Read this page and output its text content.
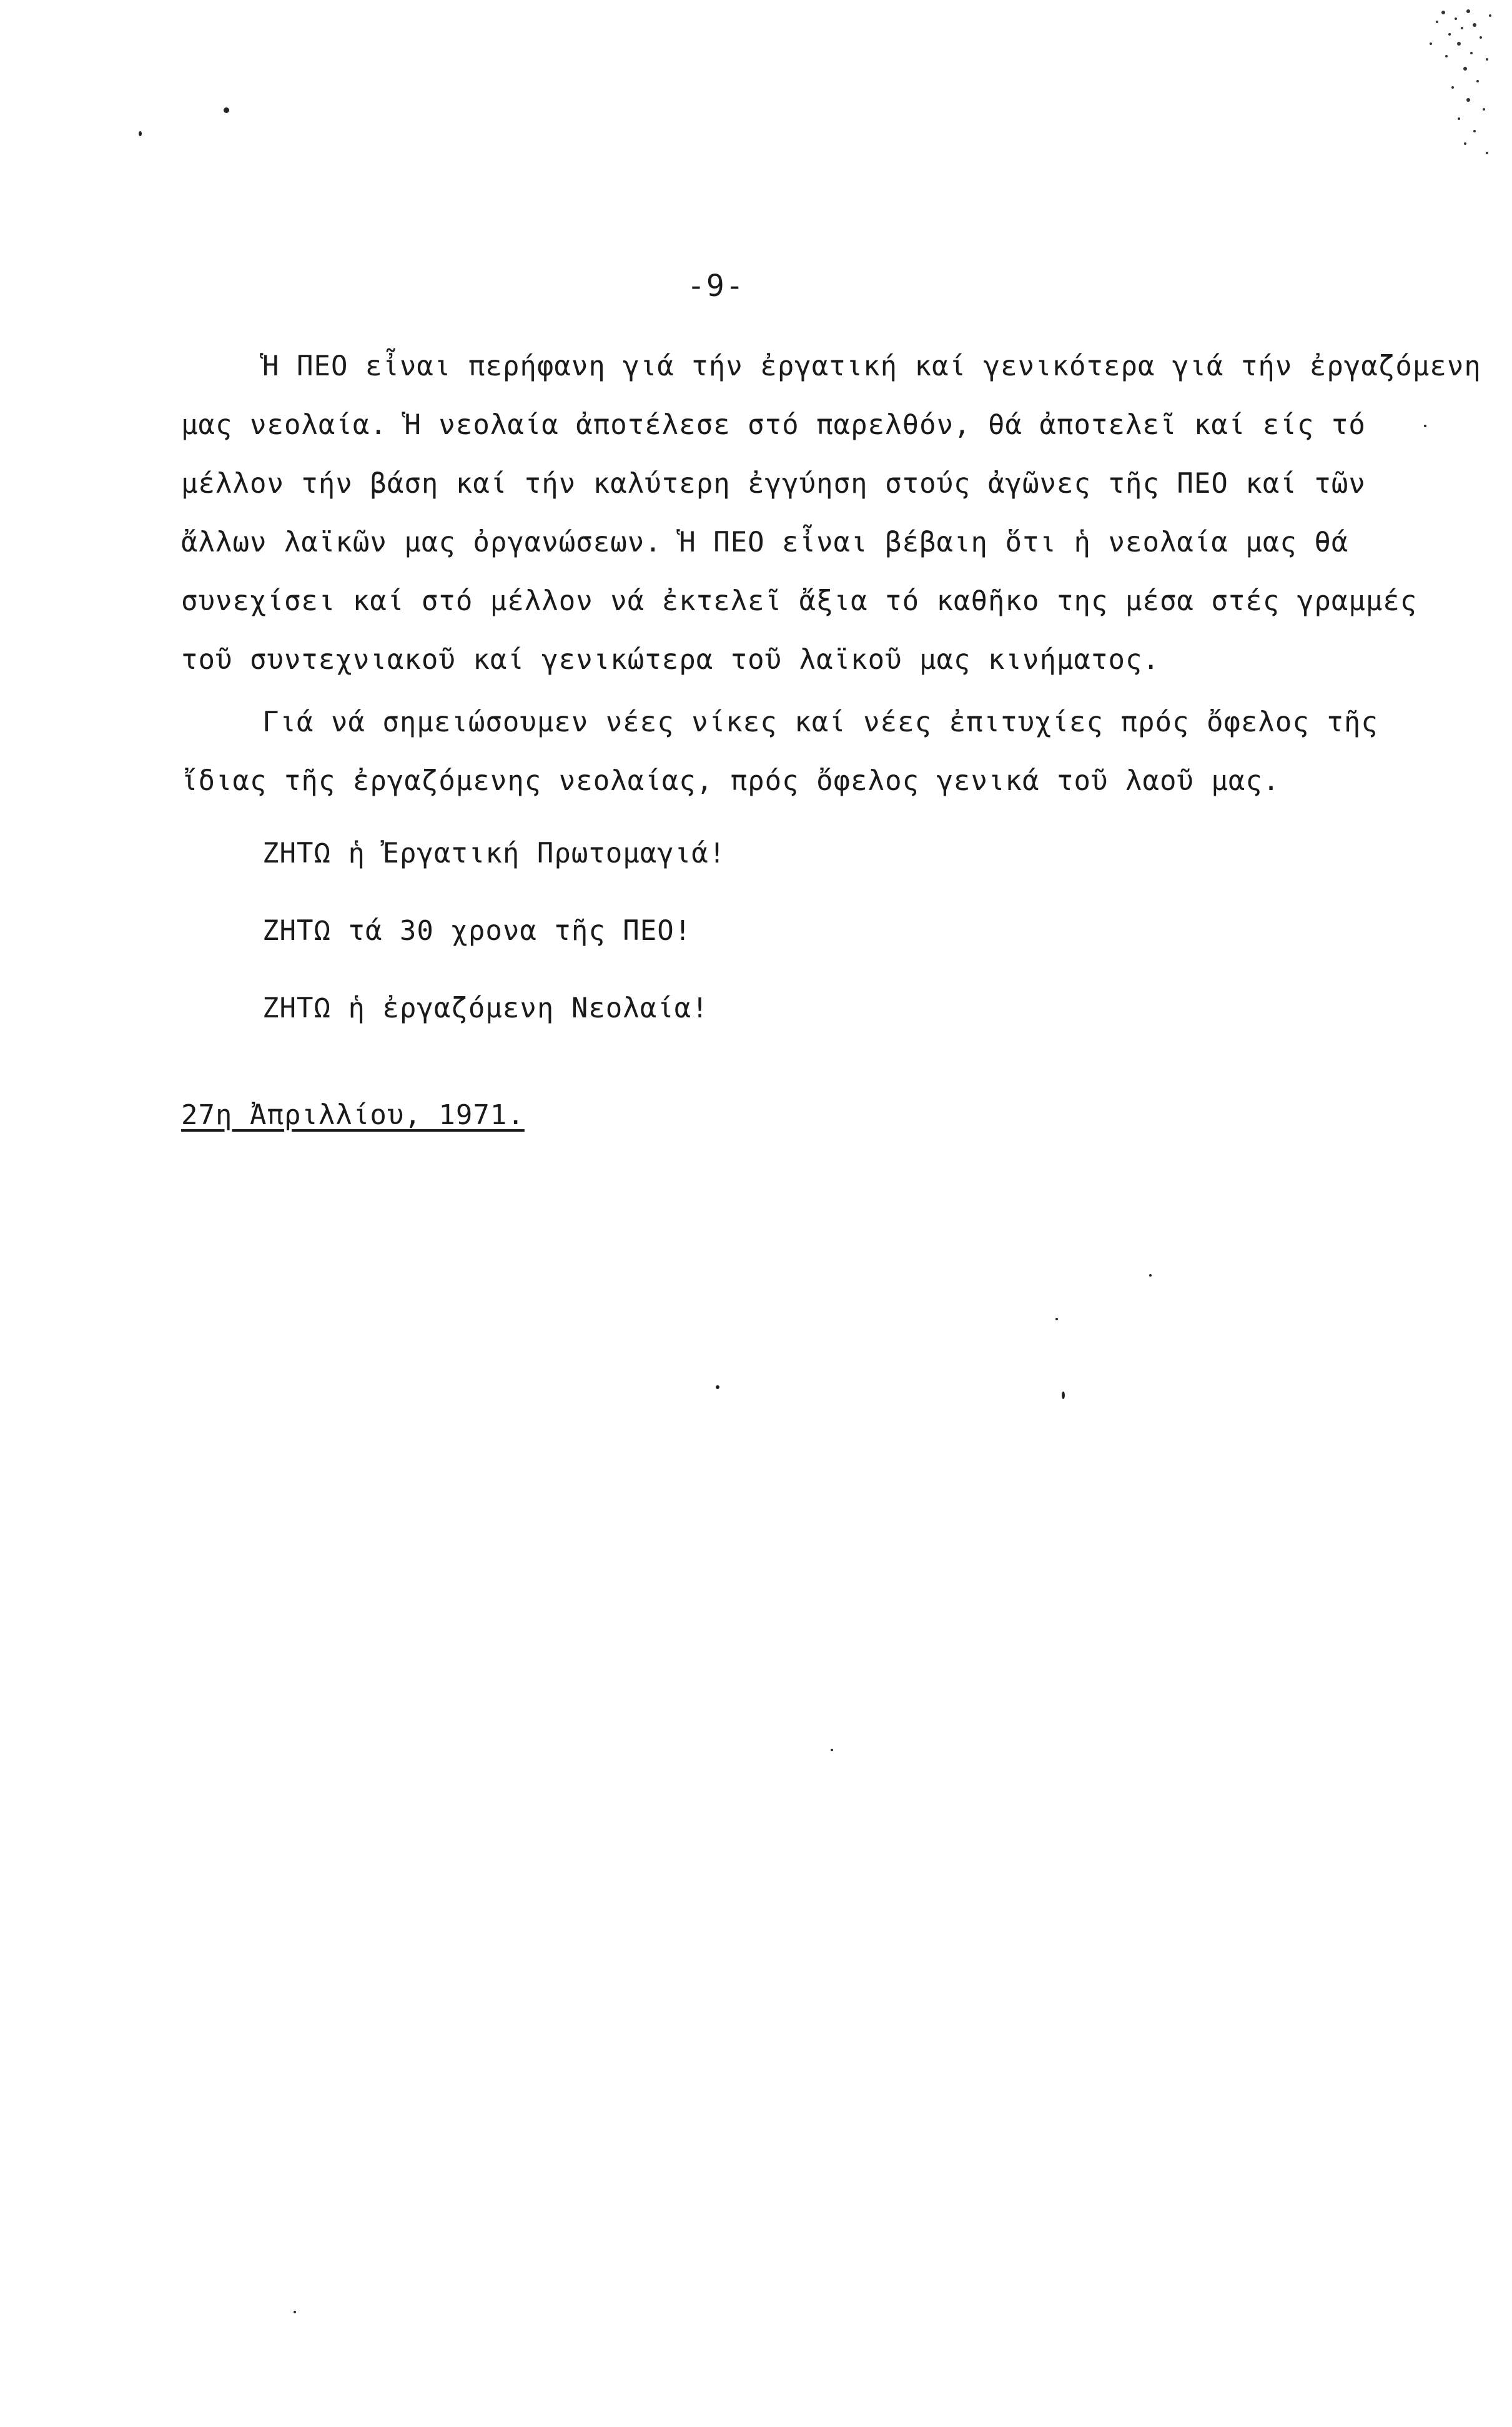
-9-
Ἡ ΠΕΟ εἶναι περήφανη γιά τήν ἐργατική καί γενικότερα γιά τήν ἐργαζόμενη
μας νεολαία. Ἡ νεολαία ἀποτέλεσε στό παρελθόν, θά ἀποτελεῖ καί είς τό
μέλλον τήν βάση καί τήν καλύτερη ἐγγύηση στούς ἀγῶνες τῆς ΠΕΟ καί τῶν
ἄλλων λαϊκῶν μας ὀργανώσεων. Ἡ ΠΕΟ εἶναι βέβαιη ὅτι ἡ νεολαία μας θά
συνεχίσει καί στό μέλλον νά ἐκτελεῖ ἄξια τό καθῆκο της μέσα στές γραμμές
τοῦ συντεχνιακοῦ καί γενικώτερα τοῦ λαϊκοῦ μας κινήματος.
Γιά νά σημειώσουμεν νέες νίκες καί νέες ἐπιτυχίες πρός ὄφελος τῆς
ἴδιας τῆς ἐργαζόμενης νεολαίας, πρός ὄφελος γενικά τοῦ λαοῦ μας.
ΖΗΤΩ ἡ Ἐργατική Πρωτομαγιά!
ΖΗΤΩ τά 30 χρονα τῆς ΠΕΟ!
ΖΗΤΩ ἡ ἐργαζόμενη Νεολαία!
27η Ἀπριλλίου, 1971.
